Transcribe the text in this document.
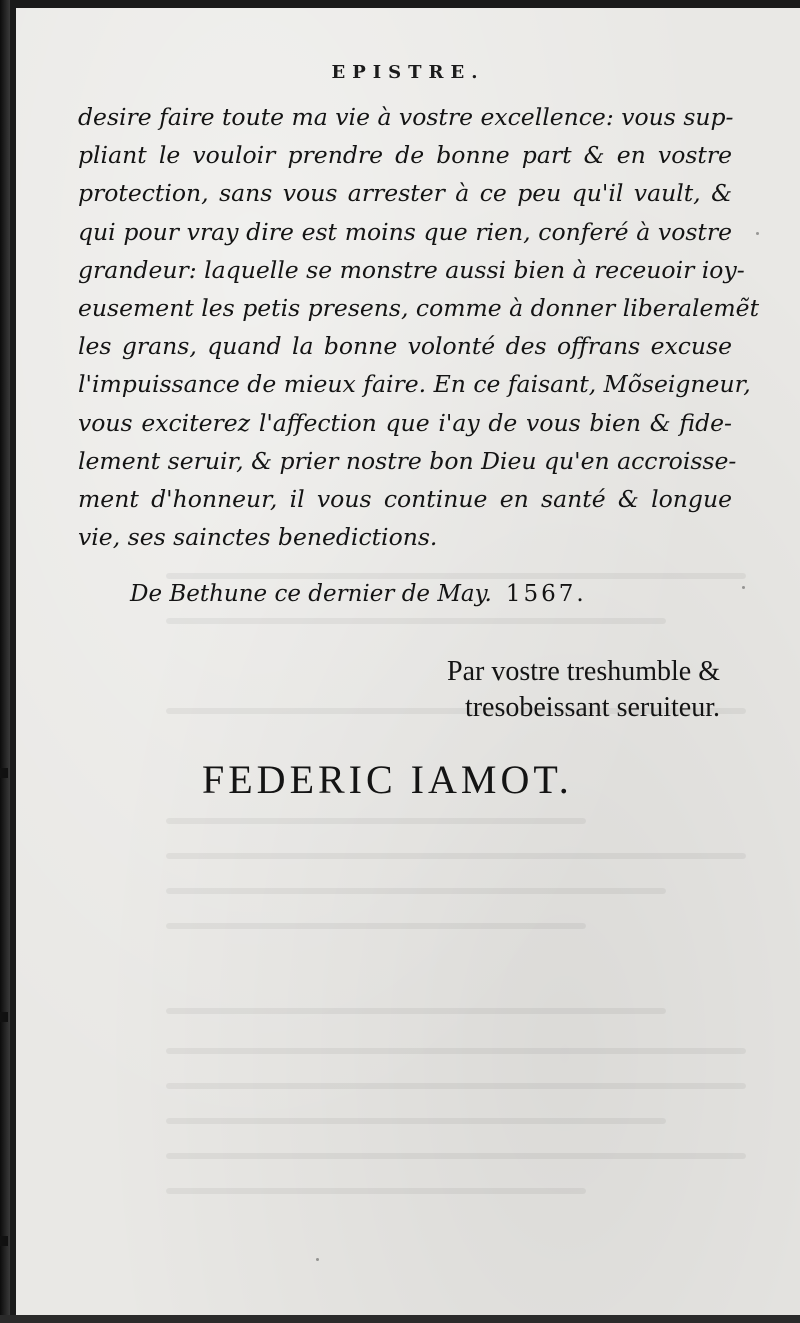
EPISTRE.
desire faire toute ma vie à vostre excellence: vous sup-
pliant le vouloir prendre de bonne part & en vostre
protection, sans vous arrester à ce peu qu'il vault, &
qui pour vray dire est moins que rien, conferé à vostre
grandeur: laquelle se monstre aussi bien à receuoir ioy-
eusement les petis presens, comme à donner liberalemẽt
les grans, quand la bonne volonté des offrans excuse
l'impuissance de mieux faire. En ce faisant, Mõseigneur,
vous exciterez l'affection que i'ay de vous bien & fide-
lement seruir, & prier nostre bon Dieu qu'en accroisse-
ment d'honneur, il vous continue en santé & longue
vie, ses sainctes benedictions.
De Bethune ce dernier de May. 1567.
Par vostre treshumble &
tresobeissant seruiteur.
FEDERIC IAMOT.
